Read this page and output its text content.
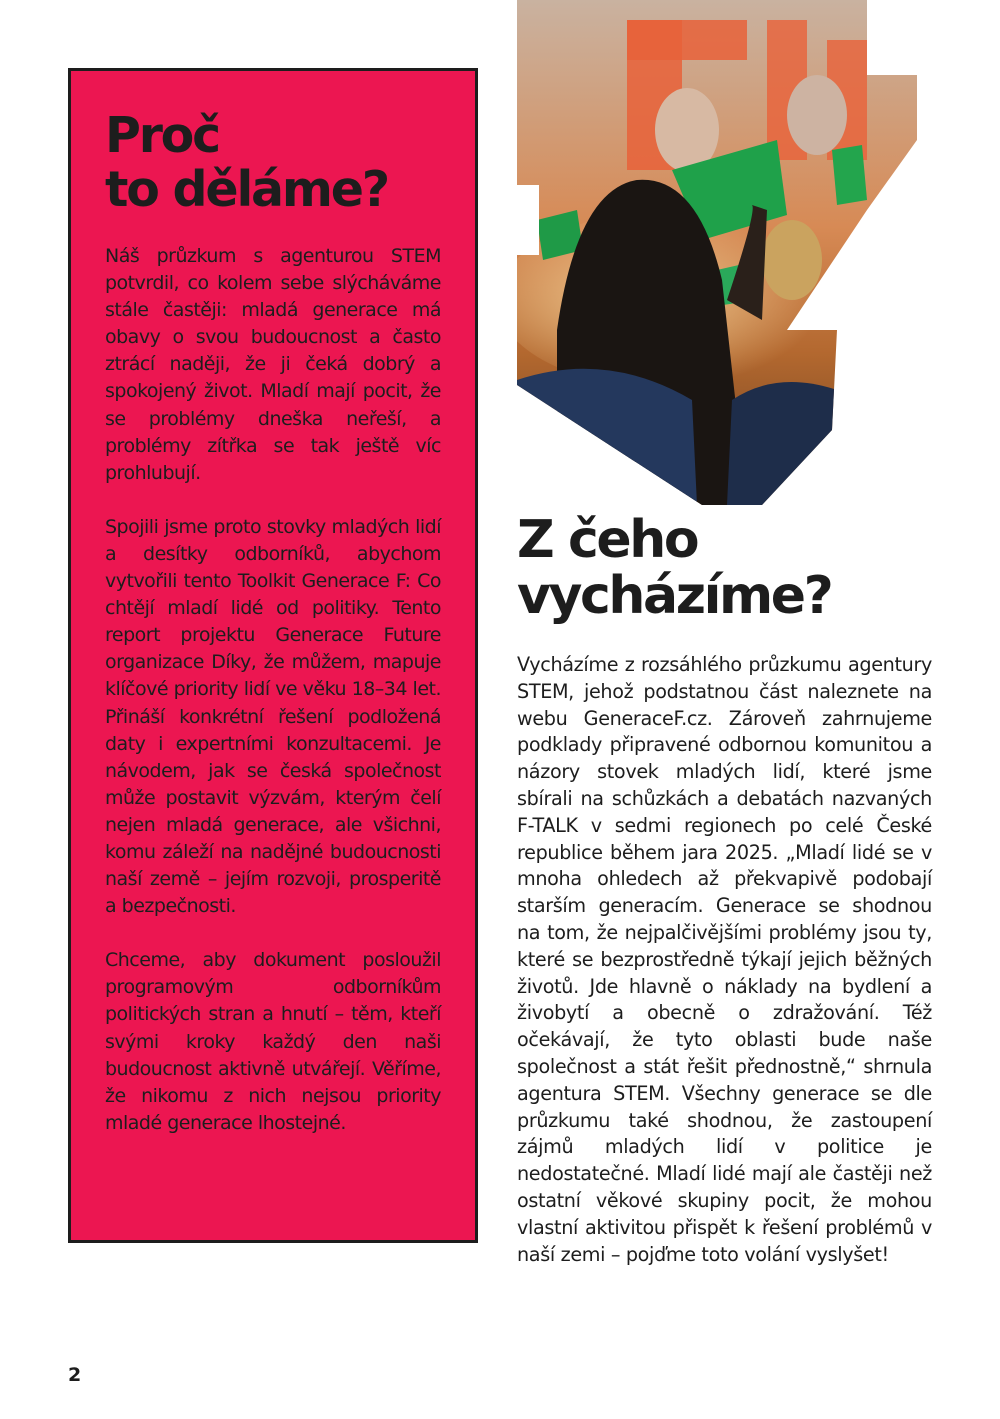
Proč
to děláme?

Náš průzkum s agenturou STEM potvrdil, co kolem sebe slýcháváme stále častěji: mladá generace má obavy o svou budoucnost a často ztrácí naději, že ji čeká dobrý a spokojený život. Mladí mají pocit, že se problémy dneška neřeší, a problémy zítřka se tak ještě víc prohlubují.

Spojili jsme proto stovky mladých lidí a desítky odborníků, abychom vytvořili tento Toolkit Generace F: Co chtějí mladí lidé od politiky. Tento report projektu Generace Future organizace Díky, že můžem, mapuje klíčové priority lidí ve věku 18–34 let. Přináší konkrétní řešení podložená daty i expertními konzultacemi. Je návodem, jak se česká společnost může postavit výzvám, kterým čelí nejen mladá generace, ale všichni, komu záleží na nadějné budoucnosti naší země – jejím rozvoji, prosperitě a bezpečnosti.

Chceme, aby dokument posloužil programovým odborníkům politických stran a hnutí – těm, kteří svými kroky každý den naši budoucnost aktivně utvářejí. Věříme, že nikomu z nich nejsou priority mladé generace lhostejné.

Z čeho
vycházíme?

Vycházíme z rozsáhlého průzkumu agentury STEM, jehož podstatnou část naleznete na webu GeneraceF.cz. Zároveň zahrnujeme podklady připravené odbornou komunitou a názory stovek mladých lidí, které jsme sbírali na schůzkách a debatách nazvaných F-TALK v sedmi regionech po celé České republice během jara 2025. „Mladí lidé se v mnoha ohledech až překvapivě podobají starším generacím. Generace se shodnou na tom, že nejpalčivějšími problémy jsou ty, které se bezprostředně týkají jejich běžných životů. Jde hlavně o náklady na bydlení a živobytí a obecně o zdražování. Též očekávají, že tyto oblasti bude naše společnost a stát řešit přednostně,“ shrnula agentura STEM. Všechny generace se dle průzkumu také shodnou, že zastoupení zájmů mladých lidí v politice je nedostatečné. Mladí lidé mají ale častěji než ostatní věkové skupiny pocit, že mohou vlastní aktivitou přispět k řešení problémů v naší zemi – pojďme toto volání vyslyšet!

2
